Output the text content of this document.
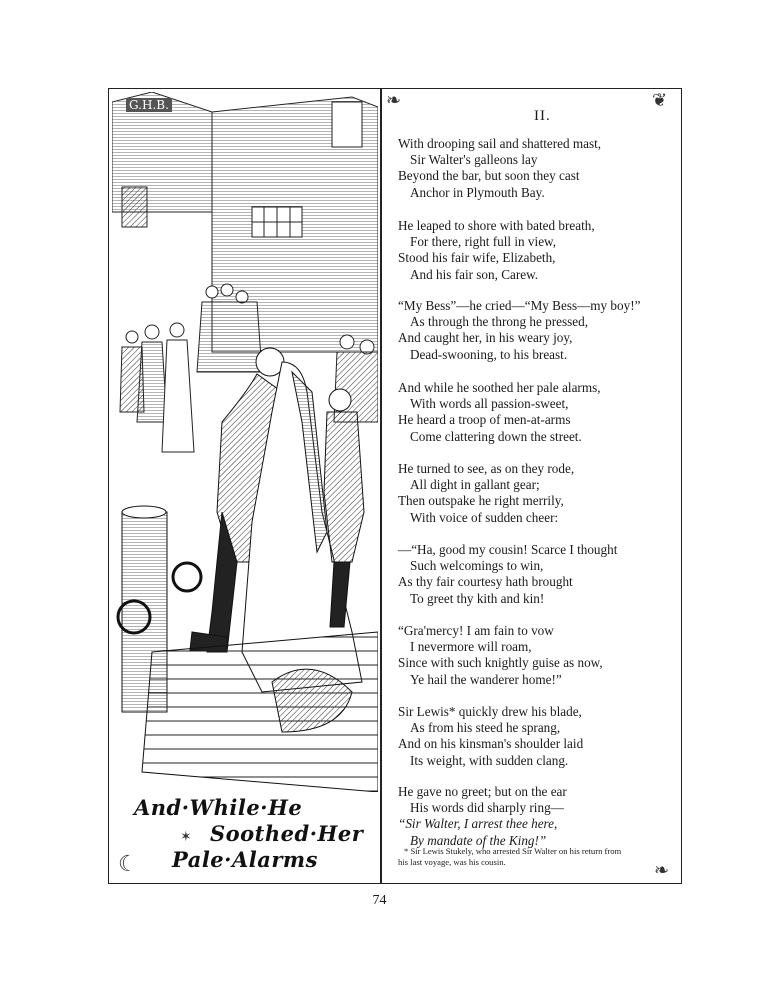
G.H.B.
And·While·He
Soothed·Her
Pale·Alarms
☾
✶
❧	❦
❧
II.
With drooping sail and shattered mast,
Sir Walter's galleons lay
Beyond the bar, but soon they cast
Anchor in Plymouth Bay.
He leaped to shore with bated breath,
For there, right full in view,
Stood his fair wife, Elizabeth,
And his fair son, Carew.
“My Bess”—he cried—“My Bess—my boy!”
As through the throng he pressed,
And caught her, in his weary joy,
Dead-swooning, to his breast.
And while he soothed her pale alarms,
With words all passion-sweet,
He heard a troop of men-at-arms
Come clattering down the street.
He turned to see, as on they rode,
All dight in gallant gear;
Then outspake he right merrily,
With voice of sudden cheer:
—“Ha, good my cousin! Scarce I thought
Such welcomings to win,
As thy fair courtesy hath brought
To greet thy kith and kin!
“Gra'mercy! I am fain to vow
I nevermore will roam,
Since with such knightly guise as now,
Ye hail the wanderer home!”
Sir Lewis* quickly drew his blade,
As from his steed he sprang,
And on his kinsman's shoulder laid
Its weight, with sudden clang.
He gave no greet; but on the ear
His words did sharply ring—
“Sir Walter, I arrest thee here,
By mandate of the King!”
* Sir Lewis Stukely, who arrested Sir Walter on his return from
his last voyage, was his cousin.
74
